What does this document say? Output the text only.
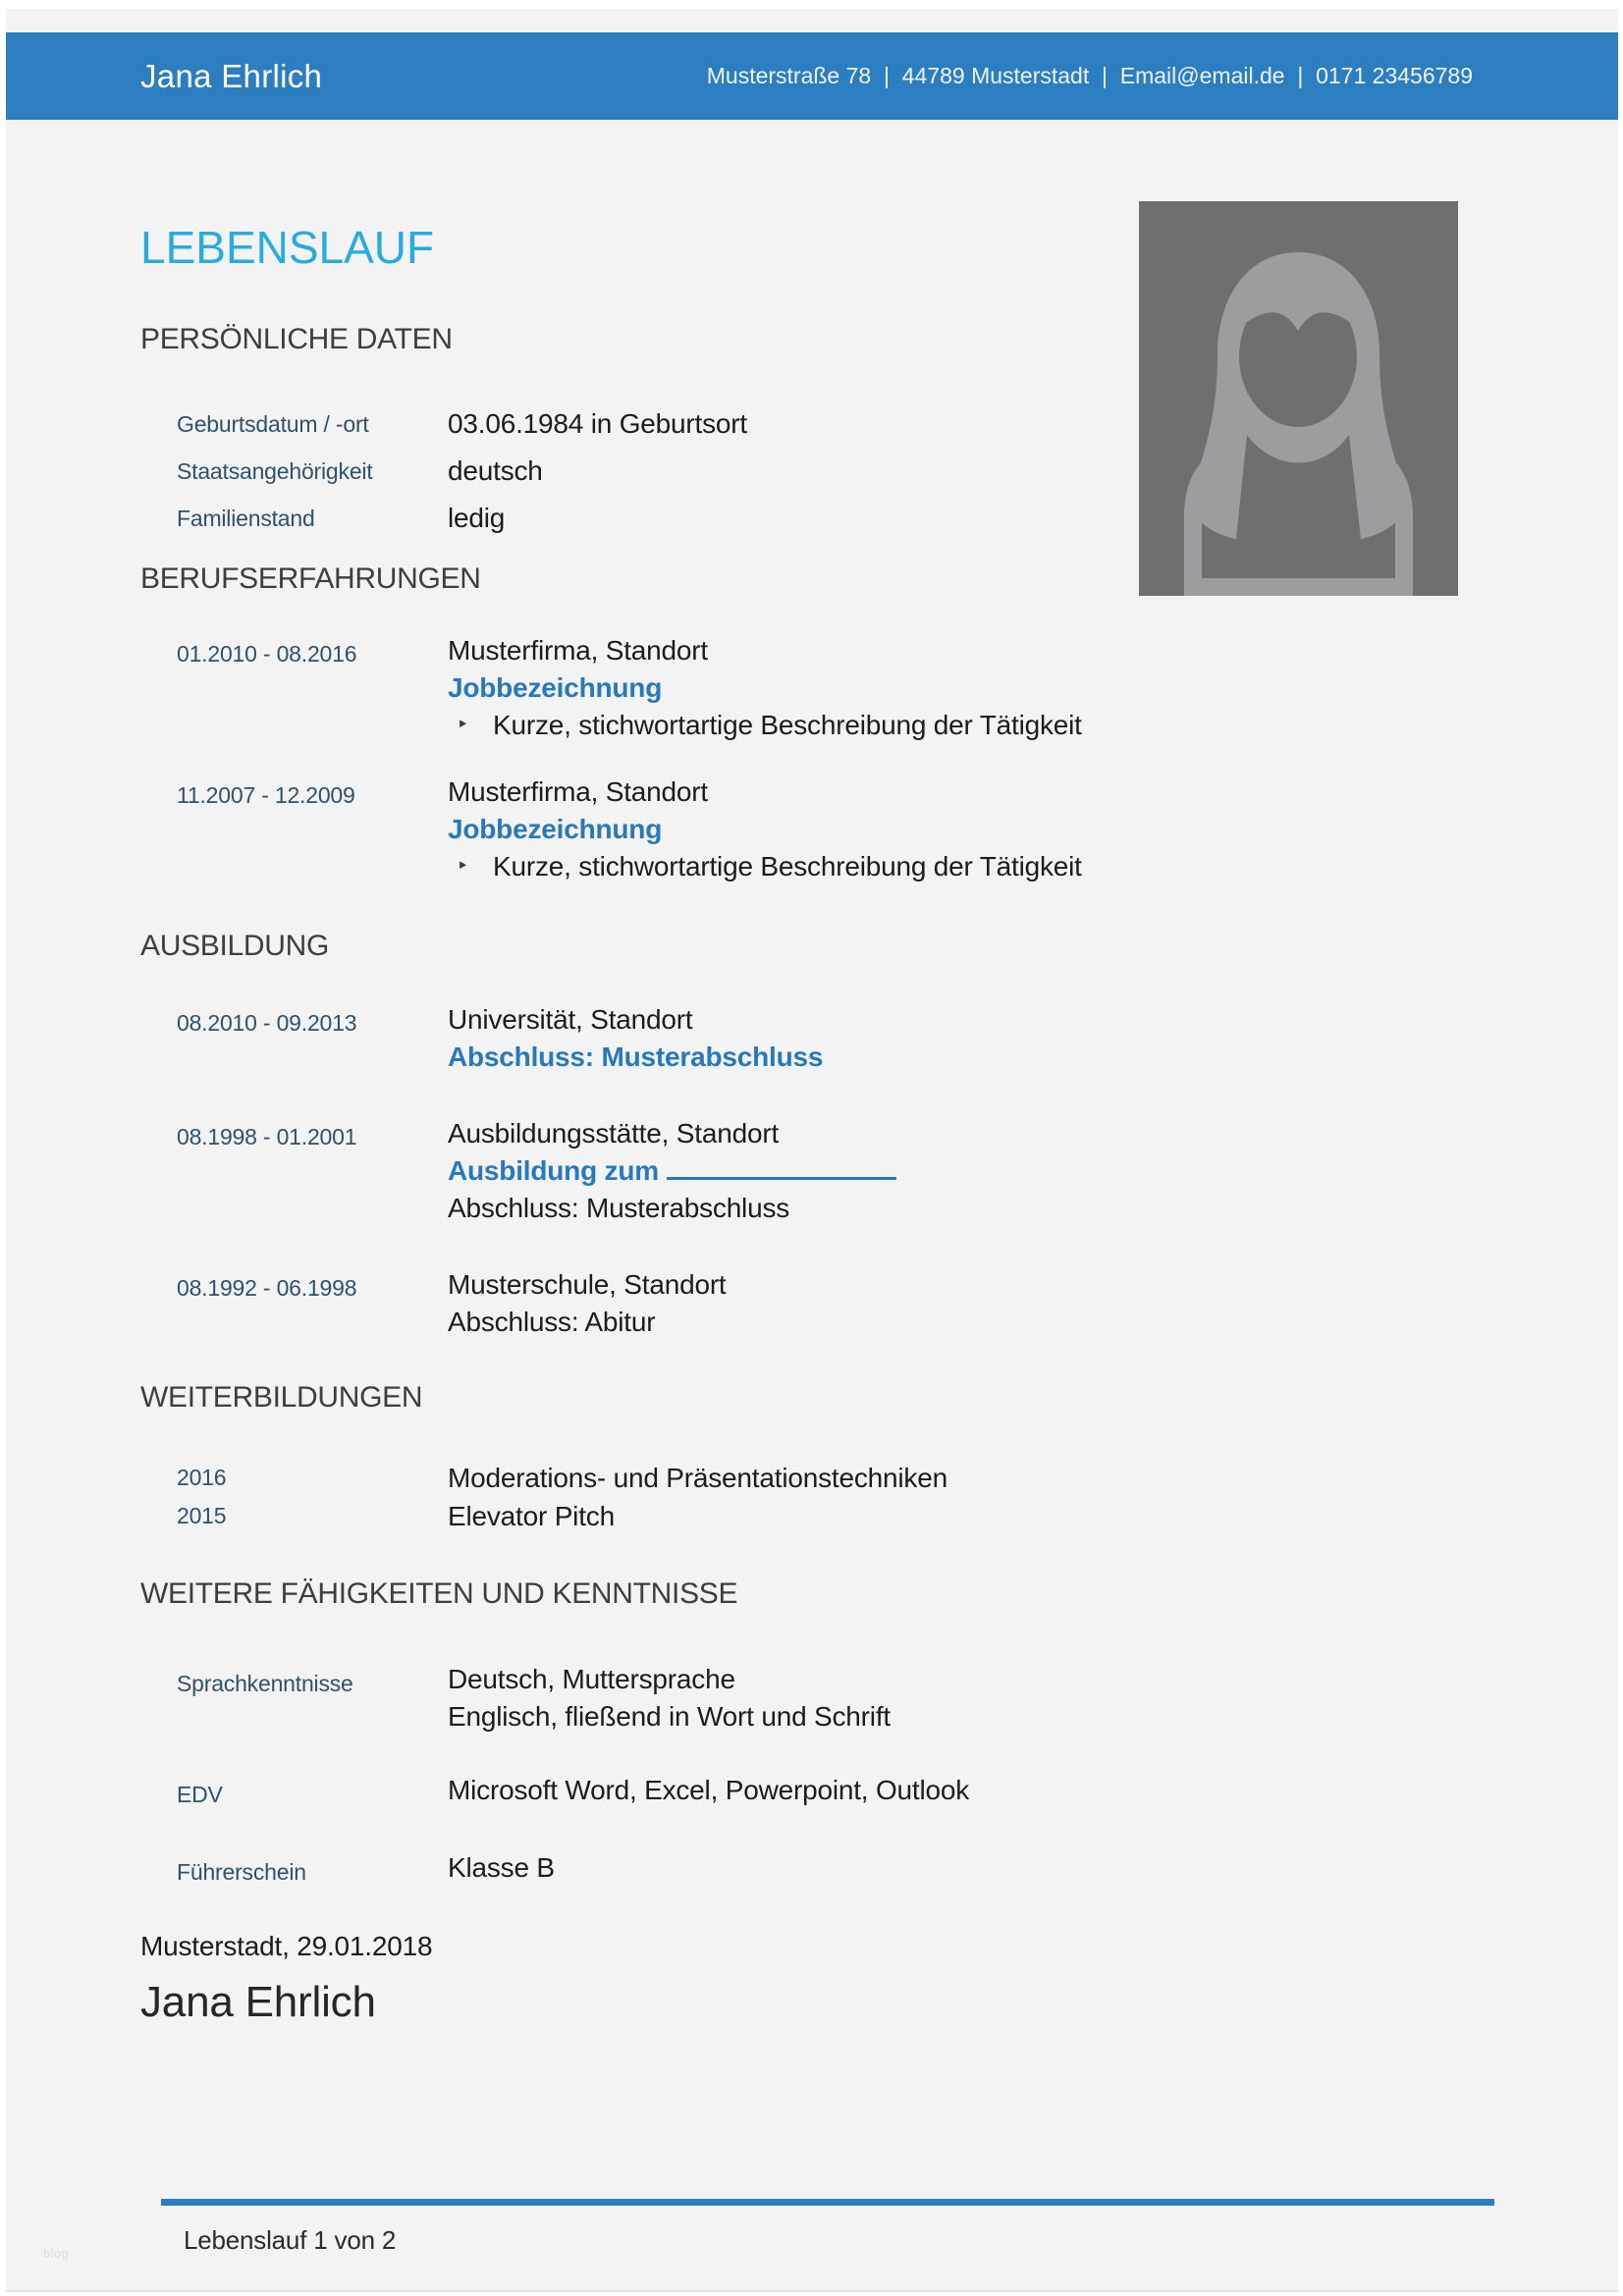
Jana Ehrlich	Musterstraße 78  |  44789 Musterstadt  |  Email@email.de  |  0171 23456789
LEBENSLAUF
PERSÖNLICHE DATEN
Geburtsdatum / -ort	03.06.1984 in Geburtsort
Staatsangehörigkeit	deutsch
Familienstand	ledig
BERUFSERFAHRUNGEN
01.2010 - 08.2016	Musterfirma, Standort
Jobbezeichnung
‣ Kurze, stichwortartige Beschreibung der Tätigkeit
11.2007 - 12.2009	Musterfirma, Standort
Jobbezeichnung
‣ Kurze, stichwortartige Beschreibung der Tätigkeit
AUSBILDUNG
08.2010 - 09.2013	Universität, Standort
Abschluss: Musterabschluss
08.1998 - 01.2001	Ausbildungsstätte, Standort
Ausbildung zum
Abschluss: Musterabschluss
08.1992 - 06.1998	Musterschule, Standort
Abschluss: Abitur
WEITERBILDUNGEN
2016	Moderations- und Präsentationstechniken
2015	Elevator Pitch
WEITERE FÄHIGKEITEN UND KENNTNISSE
Sprachkenntnisse	Deutsch, Muttersprache
Englisch, fließend in Wort und Schrift
EDV	Microsoft Word, Excel, Powerpoint, Outlook
Führerschein	Klasse B
Musterstadt, 29.01.2018
Jana Ehrlich
Lebenslauf 1 von 2
blog
